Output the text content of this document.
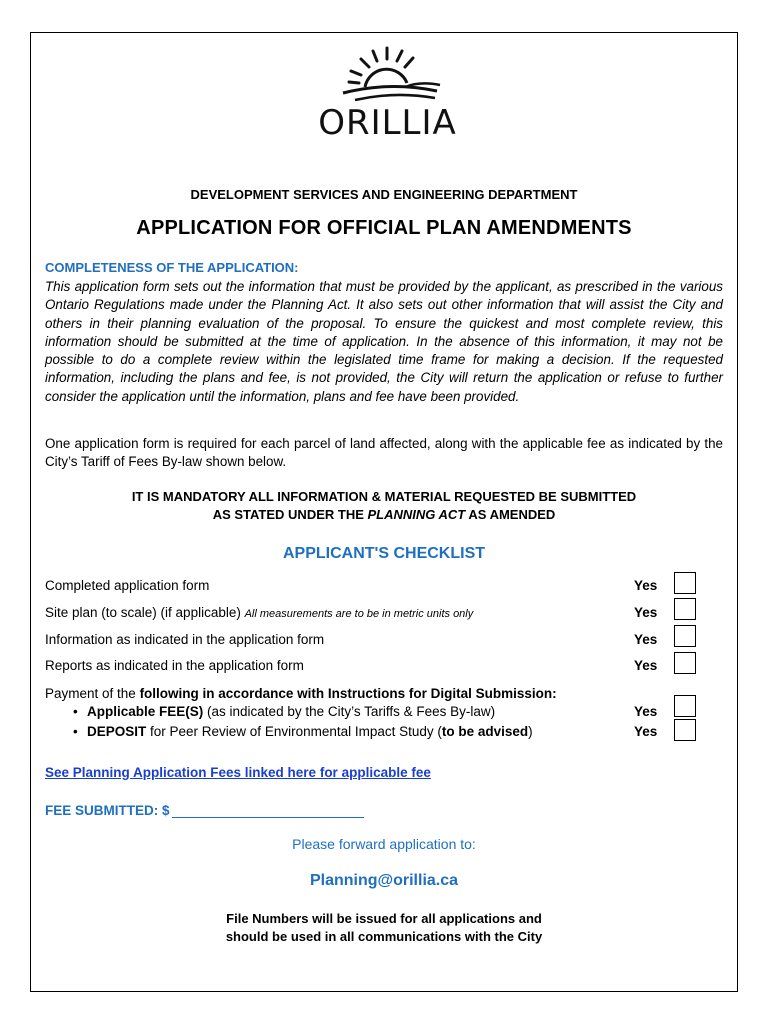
ORILLIA
DEVELOPMENT SERVICES AND ENGINEERING DEPARTMENT
APPLICATION FOR OFFICIAL PLAN AMENDMENTS
COMPLETENESS OF THE APPLICATION:
This application form sets out the information that must be provided by the applicant, as prescribed in the various Ontario Regulations made under the Planning Act. It also sets out other information that will assist the City and others in their planning evaluation of the proposal. To ensure the quickest and most complete review, this information should be submitted at the time of application. In the absence of this information, it may not be possible to do a complete review within the legislated time frame for making a decision. If the requested information, including the plans and fee, is not provided, the City will return the application or refuse to further consider the application until the information, plans and fee have been provided.
One application form is required for each parcel of land affected, along with the applicable fee as indicated by the City’s Tariff of Fees By-law shown below.
IT IS MANDATORY ALL INFORMATION & MATERIAL REQUESTED BE SUBMITTED
AS STATED UNDER THE PLANNING ACT AS AMENDED
APPLICANT'S CHECKLIST
Completed application form	Yes
Site plan (to scale) (if applicable) All measurements are to be in metric units only	Yes
Information as indicated in the application form	Yes
Reports as indicated in the application form	Yes
Payment of the following in accordance with Instructions for Digital Submission:
• Applicable FEE(S) (as indicated by the City’s Tariffs & Fees By-law)	Yes
• DEPOSIT for Peer Review of Environmental Impact Study (to be advised)	Yes
See Planning Application Fees linked here for applicable fee
FEE SUBMITTED: $
Please forward application to:
Planning@orillia.ca
File Numbers will be issued for all applications and
should be used in all communications with the City
